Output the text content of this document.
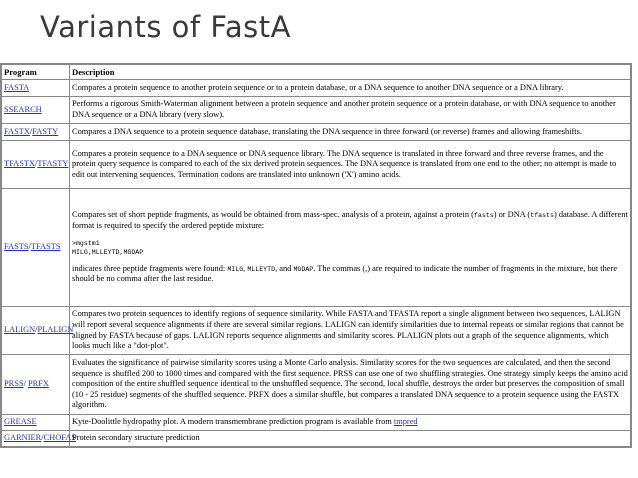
Variants of FastA
Program	Description
FASTA	Compares a protein sequence to another protein sequence or to a protein database, or a DNA sequence to another DNA sequence or a DNA library.
SSEARCH	Performs a rigorous Smith-Waterman alignment between a protein sequence and another protein sequence or a protein database, or with DNA sequence to another DNA sequence or a DNA library (very slow).
FASTX/FASTY	Compares a DNA sequence to a protein sequence database, translating the DNA sequence in three forward (or reverse) frames and allowing frameshifts.
TFASTX/TFASTY	Compares a protein sequence to a DNA sequence or DNA sequence library. The DNA sequence is translated in three forward and three reverse frames, and the protein query sequence is compared to each of the six derived protein sequences. The DNA sequence is translated from one end to the other; no attempt is made to edit out intervening sequences. Termination codons are translated into unknown ('X') amino acids.
FASTS/TFASTS	Compares set of short peptide fragments, as would be obtained from mass-spec. analysis of a protein, against a protein (fasts) or DNA (tfasts) database. A different format is required to specify the ordered peptide mixture:
>mgstm1
MILG,MLLEYTD,MGDAP
indicates three peptide fragments were found: MILG, MLLEYTD, and MGDAP. The commas (,) are required to indicate the number of fragments in the mixture, but there should be no comma after the last residue.
LALIGN/PLALIGN	Compares two protein sequences to identify regions of sequence similarity. While FASTA and TFASTA report a single alignment between two sequences, LALIGN will report several sequence alignments if there are several similar regions. LALIGN can identify similarities due to internal repeats or similar regions that cannot be aligned by FASTA because of gaps. LALIGN reports sequence alignments and similarity scores. PLALIGN plots out a graph of the sequence alignments, which looks much like a "dot-plot".
PRSS/ PRFX	Evaluates the significance of pairwise similarity scores using a Monte Carlo analysis. Similarity scores for the two sequences are calculated, and then the second sequence is shuffled 200 to 1000 times and compared with the first sequence. PRSS can use one of two shuffling strategies. One strategy simply keeps the amino acid composition of the entire shuffled sequence identical to the unshuffled sequence. The second, local shuffle, destroys the order but preserves the composition of small (10 - 25 residue) segments of the shuffled sequence. PRFX does a similar shuffle, but compares a translated DNA sequence to a protein sequence using the FASTX algorithm.
GREASE	Kyte-Doolittle hydropathy plot. A modern transmembrane prediction program is available from tmpred
GARNIER/CHOFAS	Protein secondary structure prediction
